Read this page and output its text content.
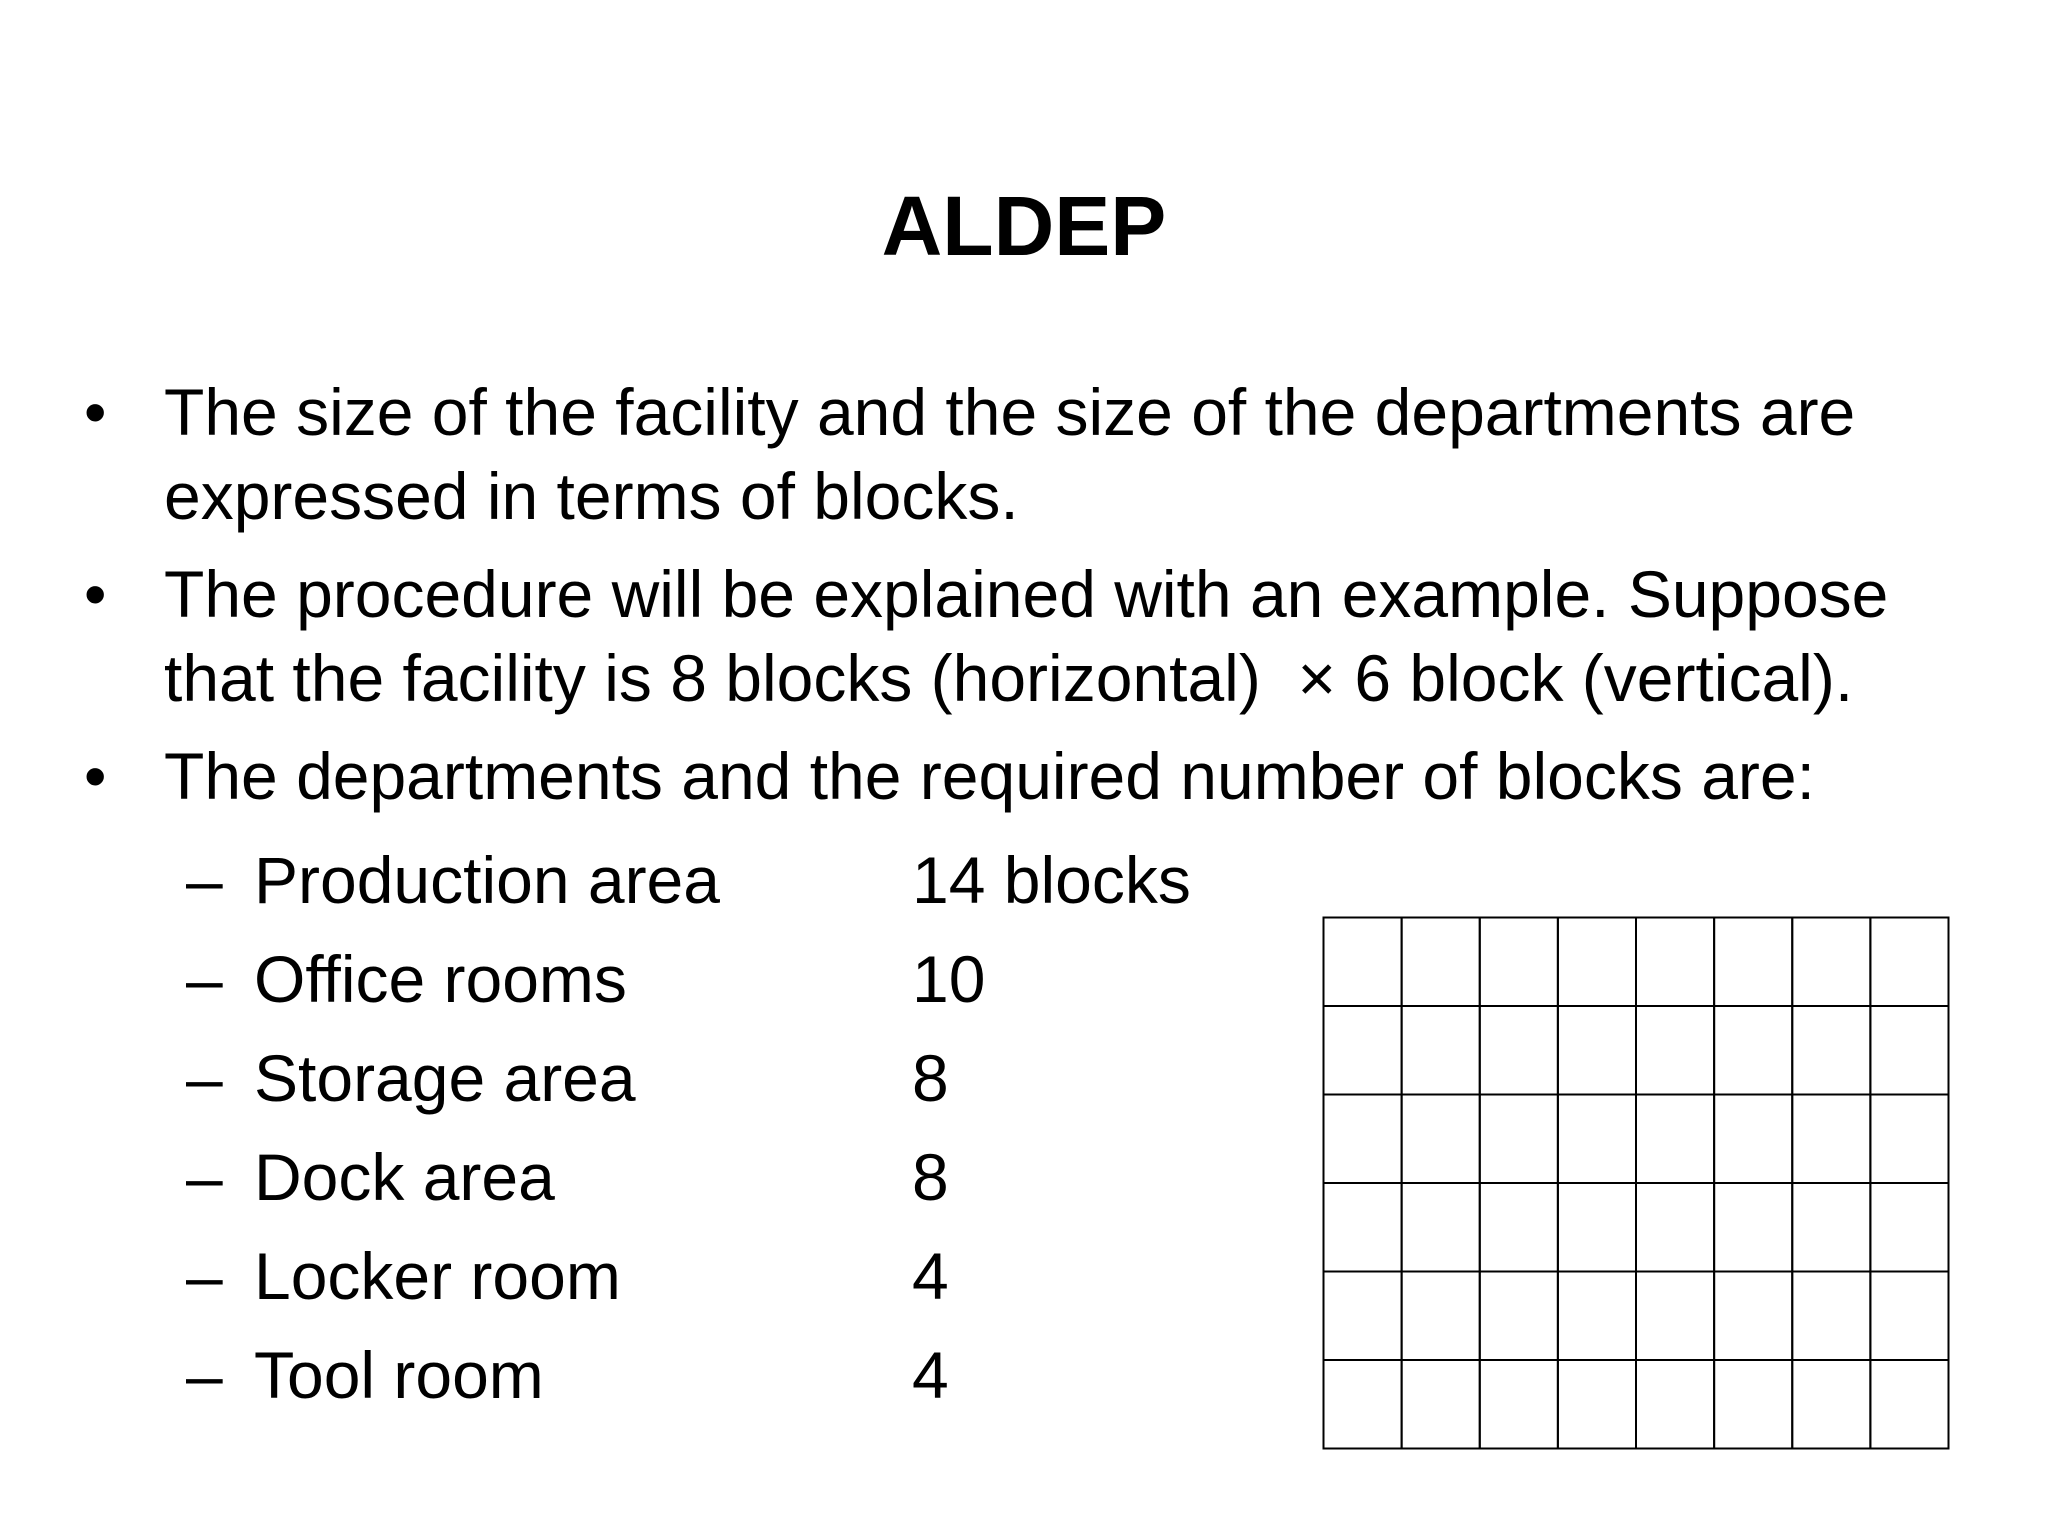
ALDEP
• The size of the facility and the size of the departments are
expressed in terms of blocks.
• The procedure will be explained with an example. Suppose
that the facility is 8 blocks (horizontal)  × 6 block (vertical).
• The departments and the required number of blocks are:
– Production area	14 blocks
– Office rooms	10
– Storage area	8
– Dock area	8
– Locker room	4
– Tool room	4
